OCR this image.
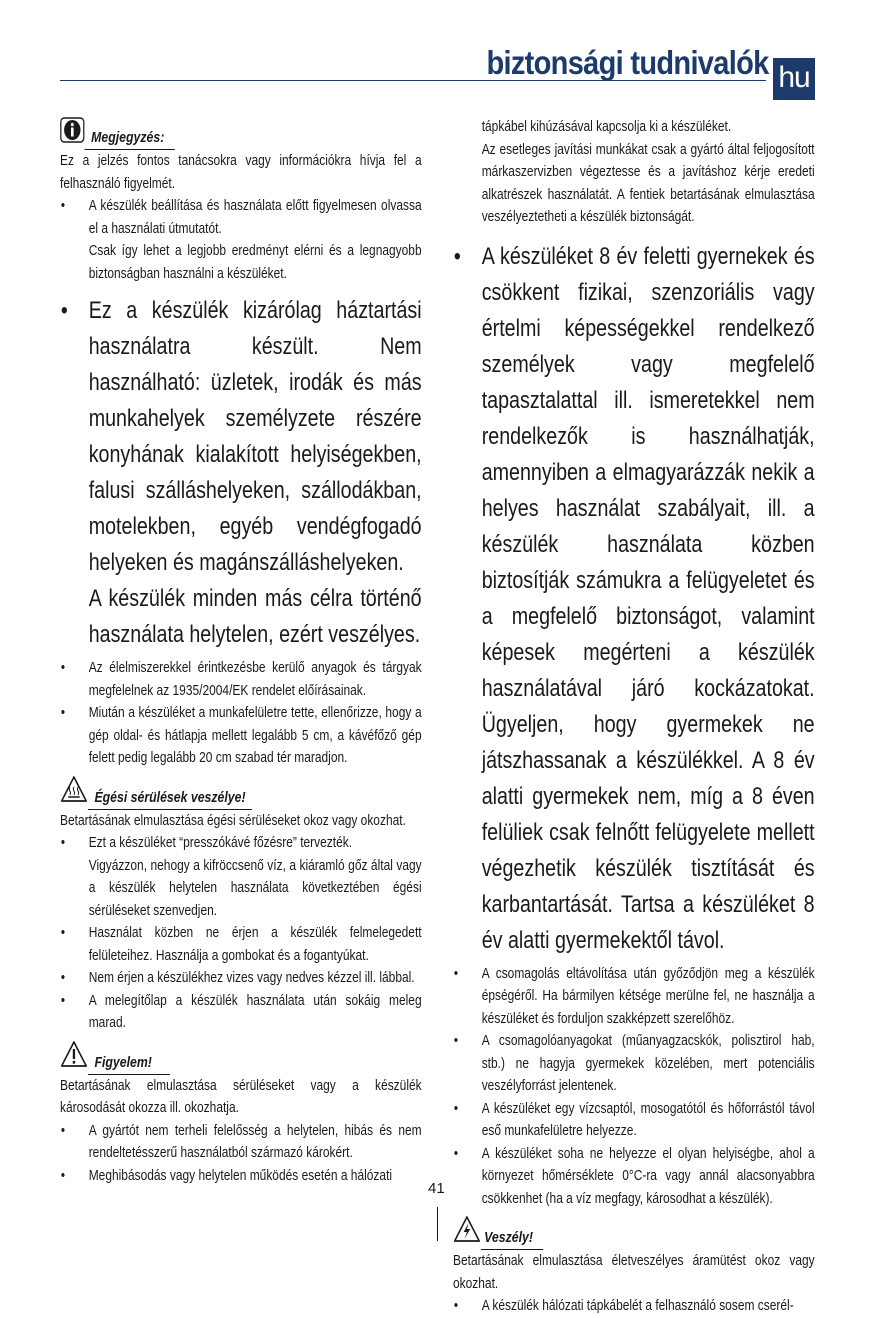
biztonsági tudnivalók hu
Megjegyzés:

Ez a jelzés fontos tanácsokra vagy információkra hívja fel a felhasználó figyelmét.

• A készülék beállítása és használata előtt figyelmesen olvassa el a használati útmutatót.

Csak így lehet a legjobb eredményt elérni és a legnagyobb biztonságban használni a készüléket.

• Ez a készülék kizárólag háztartási használatra készült. Nem használható: üzletek, irodák és más munkahelyek személyzete részére konyhának kialakított helyiségekben, falusi szálláshelyeken, szállodákban, motelekben, egyéb vendégfogadó helyeken és magánszálláshelyeken.

A készülék minden más célra történő használata helytelen, ezért veszélyes.

• Az élelmiszerekkel érintkezésbe kerülő anyagok és tárgyak megfelelnek az 1935/2004/EK rendelet előírásainak.

• Miután a készüléket a munkafelületre tette, ellenőrizze, hogy a gép oldal- és hátlapja mellett legalább 5 cm, a kávéfőző gép felett pedig legalább 20 cm szabad tér maradjon.

Égési sérülések veszélye!

Betartásának elmulasztása égési sérüléseket okoz vagy okozhat.

• Ezt a készüléket “presszókávé főzésre” tervezték.

Vigyázzon, nehogy a kifröccsenő víz, a kiáramló gőz által vagy a készülék helytelen használata következtében égési sérüléseket szenvedjen.

• Használat közben ne érjen a készülék felmelegedett felületeihez. Használja a gombokat és a fogantyúkat.

• Nem érjen a készülékhez vizes vagy nedves kézzel ill. lábbal.

• A melegítőlap a készülék használata után sokáig meleg marad.

Figyelem!

Betartásának elmulasztása sérüléseket vagy a készülék károsodását okozza ill. okozhatja.

• A gyártót nem terheli felelősség a helytelen, hibás és nem rendeltetésszerű használatból származó károkért.

• Meghibásodás vagy helytelen működés esetén a hálózati

tápkábel kihúzásával kapcsolja ki a készüléket.

Az esetleges javítási munkákat csak a gyártó által feljogosított márkaszervizben végeztesse és a javításhoz kérje eredeti alkatrészek használatát. A fentiek betartásának elmulasztása veszélyeztetheti a készülék biztonságát.

• A készüléket 8 év feletti gyernekek és csökkent fizikai, szenzoriális vagy értelmi képességekkel rendelkező személyek vagy megfelelő tapasztalattal ill. ismeretekkel nem rendelkezők is használhatják, amennyiben a elmagyarázzák nekik a helyes használat szabályait, ill. a készülék használata közben biztosítják számukra a felügyeletet és a megfelelő biztonságot, valamint képesek megérteni a készülék használatával járó kockázatokat. Ügyeljen, hogy gyermekek ne játszhassanak a készülékkel. A 8 év alatti gyermekek nem, míg a 8 éven felüliek csak felnőtt felügyelete mellett végezhetik készülék tisztítását és karbantartását. Tartsa a készüléket 8 év alatti gyermekektől távol.

• A csomagolás eltávolítása után győződjön meg a készülék épségéről. Ha bármilyen kétsége merülne fel, ne használja a készüléket és forduljon szakképzett szerelőhöz.

• A csomagolóanyagokat (műanyagzacskók, polisztirol hab, stb.) ne hagyja gyermekek közelében, mert potenciális veszélyforrást jelentenek.

• A készüléket egy vízcsaptól, mosogatótól és hőforrástól távol eső munkafelületre helyezze.

• A készüléket soha ne helyezze el olyan helyiségbe, ahol a környezet hőmérséklete 0°C-ra vagy annál alacsonyabbra csökkenhet (ha a víz megfagy, károsodhat a készülék).

Veszély!

Betartásának elmulasztása életveszélyes áramütést okoz vagy okozhat.

• A készülék hálózati tápkábelét a felhasználó sosem cserél-

41
